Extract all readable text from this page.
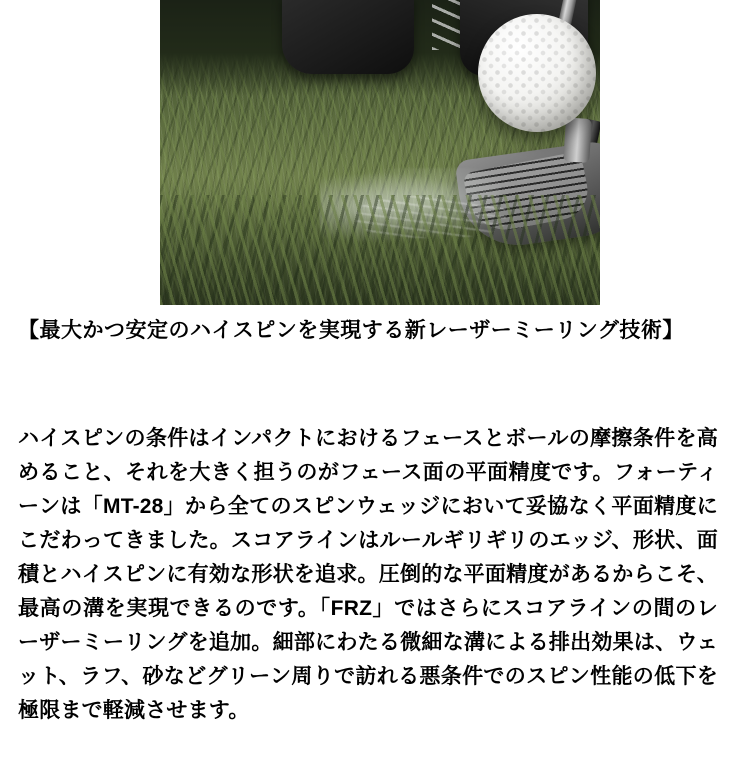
【最大かつ安定のハイスピンを実現する新レーザーミーリング技術】
ハイスピンの条件はインパクトにおけるフェースとボールの摩擦条件を高めること、それを大きく担うのがフェース面の平面精度です。フォーティーンは「MT-28」から全てのスピンウェッジにおいて妥協なく平面精度にこだわってきました。スコアラインはルールギリギリのエッジ、形状、面積とハイスピンに有効な形状を追求。圧倒的な平面精度があるからこそ、最高の溝を実現できるのです。「FRZ」ではさらにスコアラインの間のレーザーミーリングを追加。細部にわたる微細な溝による排出効果は、ウェット、ラフ、砂などグリーン周りで訪れる悪条件でのスピン性能の低下を極限まで軽減させます。
